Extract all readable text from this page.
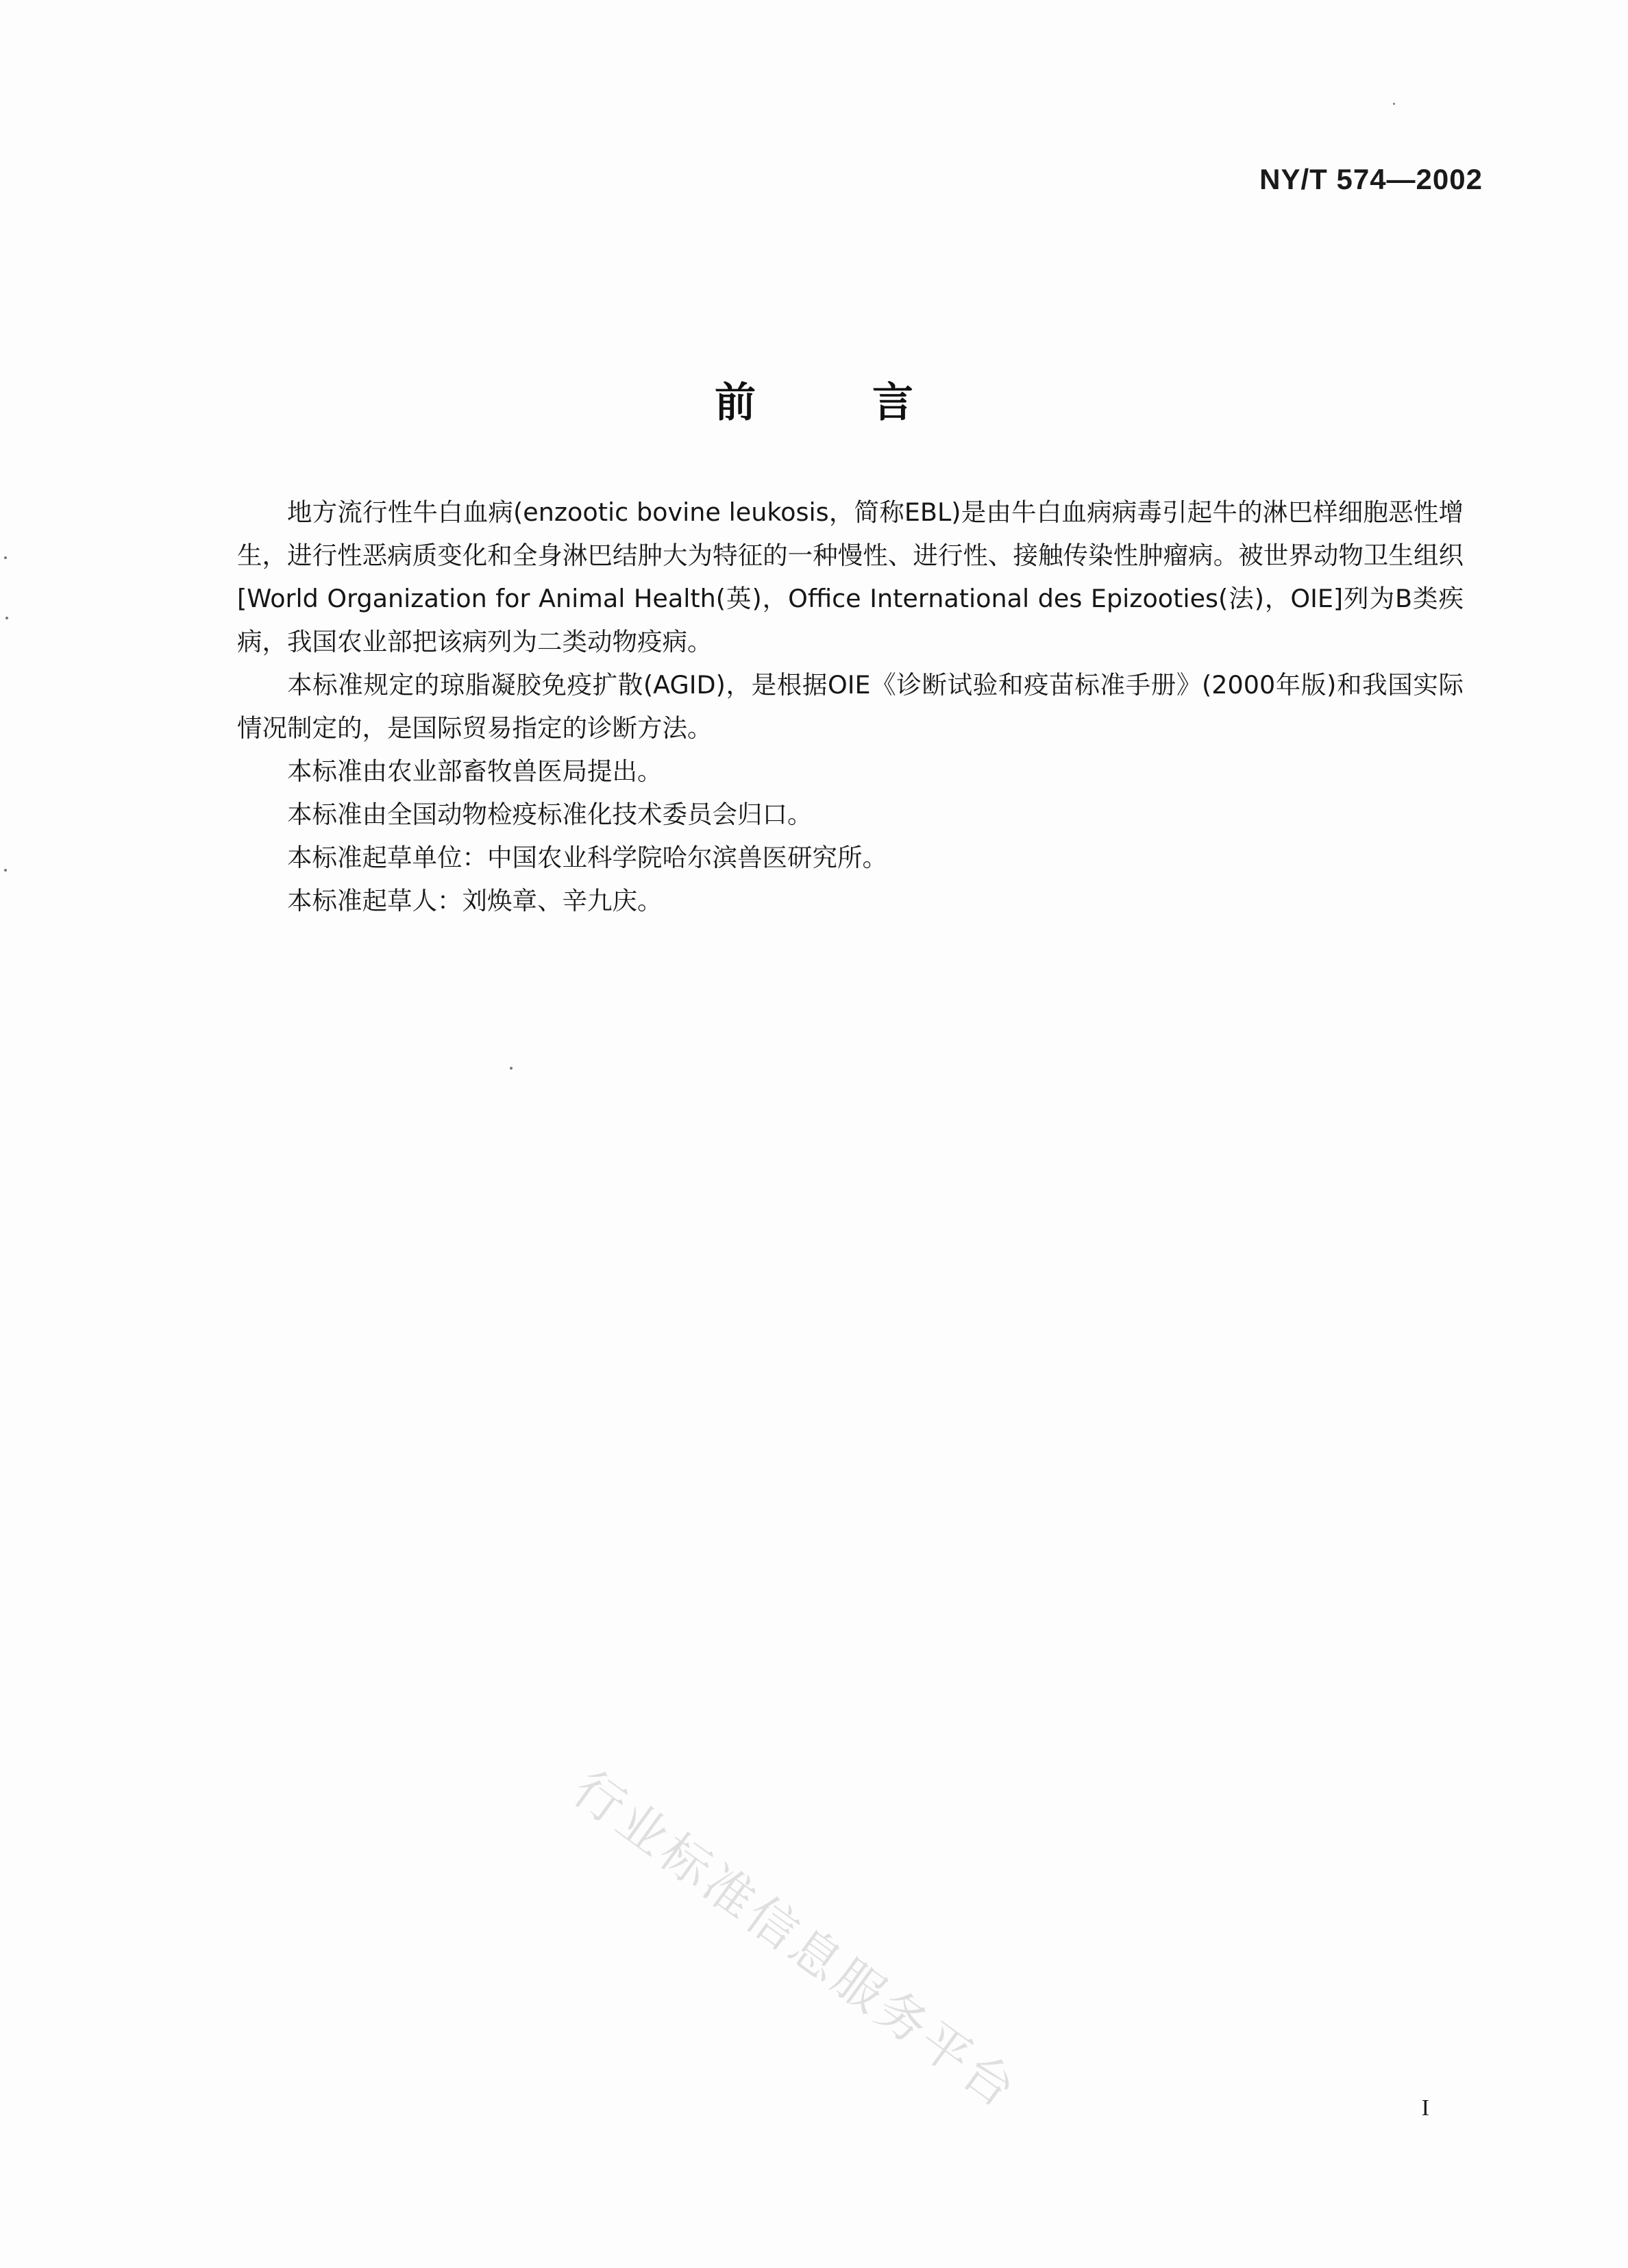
NY/T 574—2002
前	言

地方流行性牛白血病(enzootic bovine leukosis，简称EBL)是由牛白血病病毒引起牛的淋巴样细胞恶性增生，进行性恶病质变化和全身淋巴结肿大为特征的一种慢性、进行性、接触传染性肿瘤病。被世界动物卫生组织[World Organization for Animal Health(英)，Office International des Epizooties(法)，OIE]列为B类疾病，我国农业部把该病列为二类动物疫病。

本标准规定的琼脂凝胶免疫扩散(AGID)，是根据OIE《诊断试验和疫苗标准手册》(2000年版)和我国实际情况制定的，是国际贸易指定的诊断方法。

本标准由农业部畜牧兽医局提出。

本标准由全国动物检疫标准化技术委员会归口。

本标准起草单位：中国农业科学院哈尔滨兽医研究所。

本标准起草人：刘焕章、辛九庆。

行业标准信息服务平台	I
